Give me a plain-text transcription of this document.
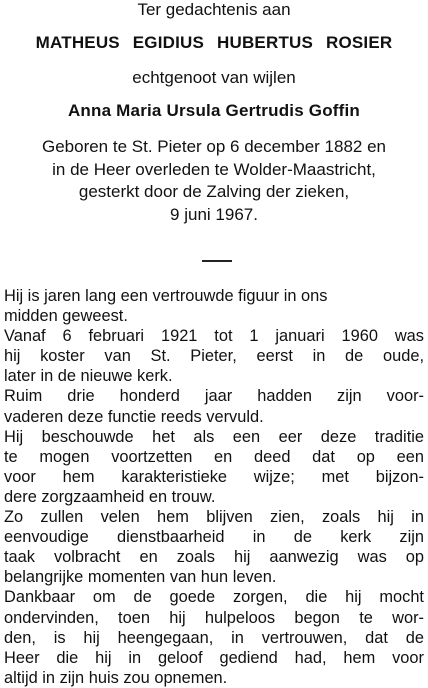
Ter gedachtenis aan
MATHEUS EGIDIUS HUBERTUS ROSIER
echtgenoot van wijlen
Anna Maria Ursula Gertrudis Goffin
Geboren te St. Pieter op 6 december 1882 en
in de Heer overleden te Wolder-Maastricht,
gesterkt door de Zalving der zieken,
9 juni 1967.
Hij is jaren lang een vertrouwde figuur in ons
midden geweest.
Vanaf 6 februari 1921 tot 1 januari 1960 was
hij koster van St. Pieter, eerst in de oude,
later in de nieuwe kerk.
Ruim drie honderd jaar hadden zijn voor-
vaderen deze functie reeds vervuld.
Hij beschouwde het als een eer deze traditie
te mogen voortzetten en deed dat op een
voor hem karakteristieke wijze; met bijzon-
dere zorgzaamheid en trouw.
Zo zullen velen hem blijven zien, zoals hij in
eenvoudige dienstbaarheid in de kerk zijn
taak volbracht en zoals hij aanwezig was op
belangrijke momenten van hun leven.
Dankbaar om de goede zorgen, die hij mocht
ondervinden, toen hij hulpeloos begon te wor-
den, is hij heengegaan, in vertrouwen, dat de
Heer die hij in geloof gediend had, hem voor
altijd in zijn huis zou opnemen.
